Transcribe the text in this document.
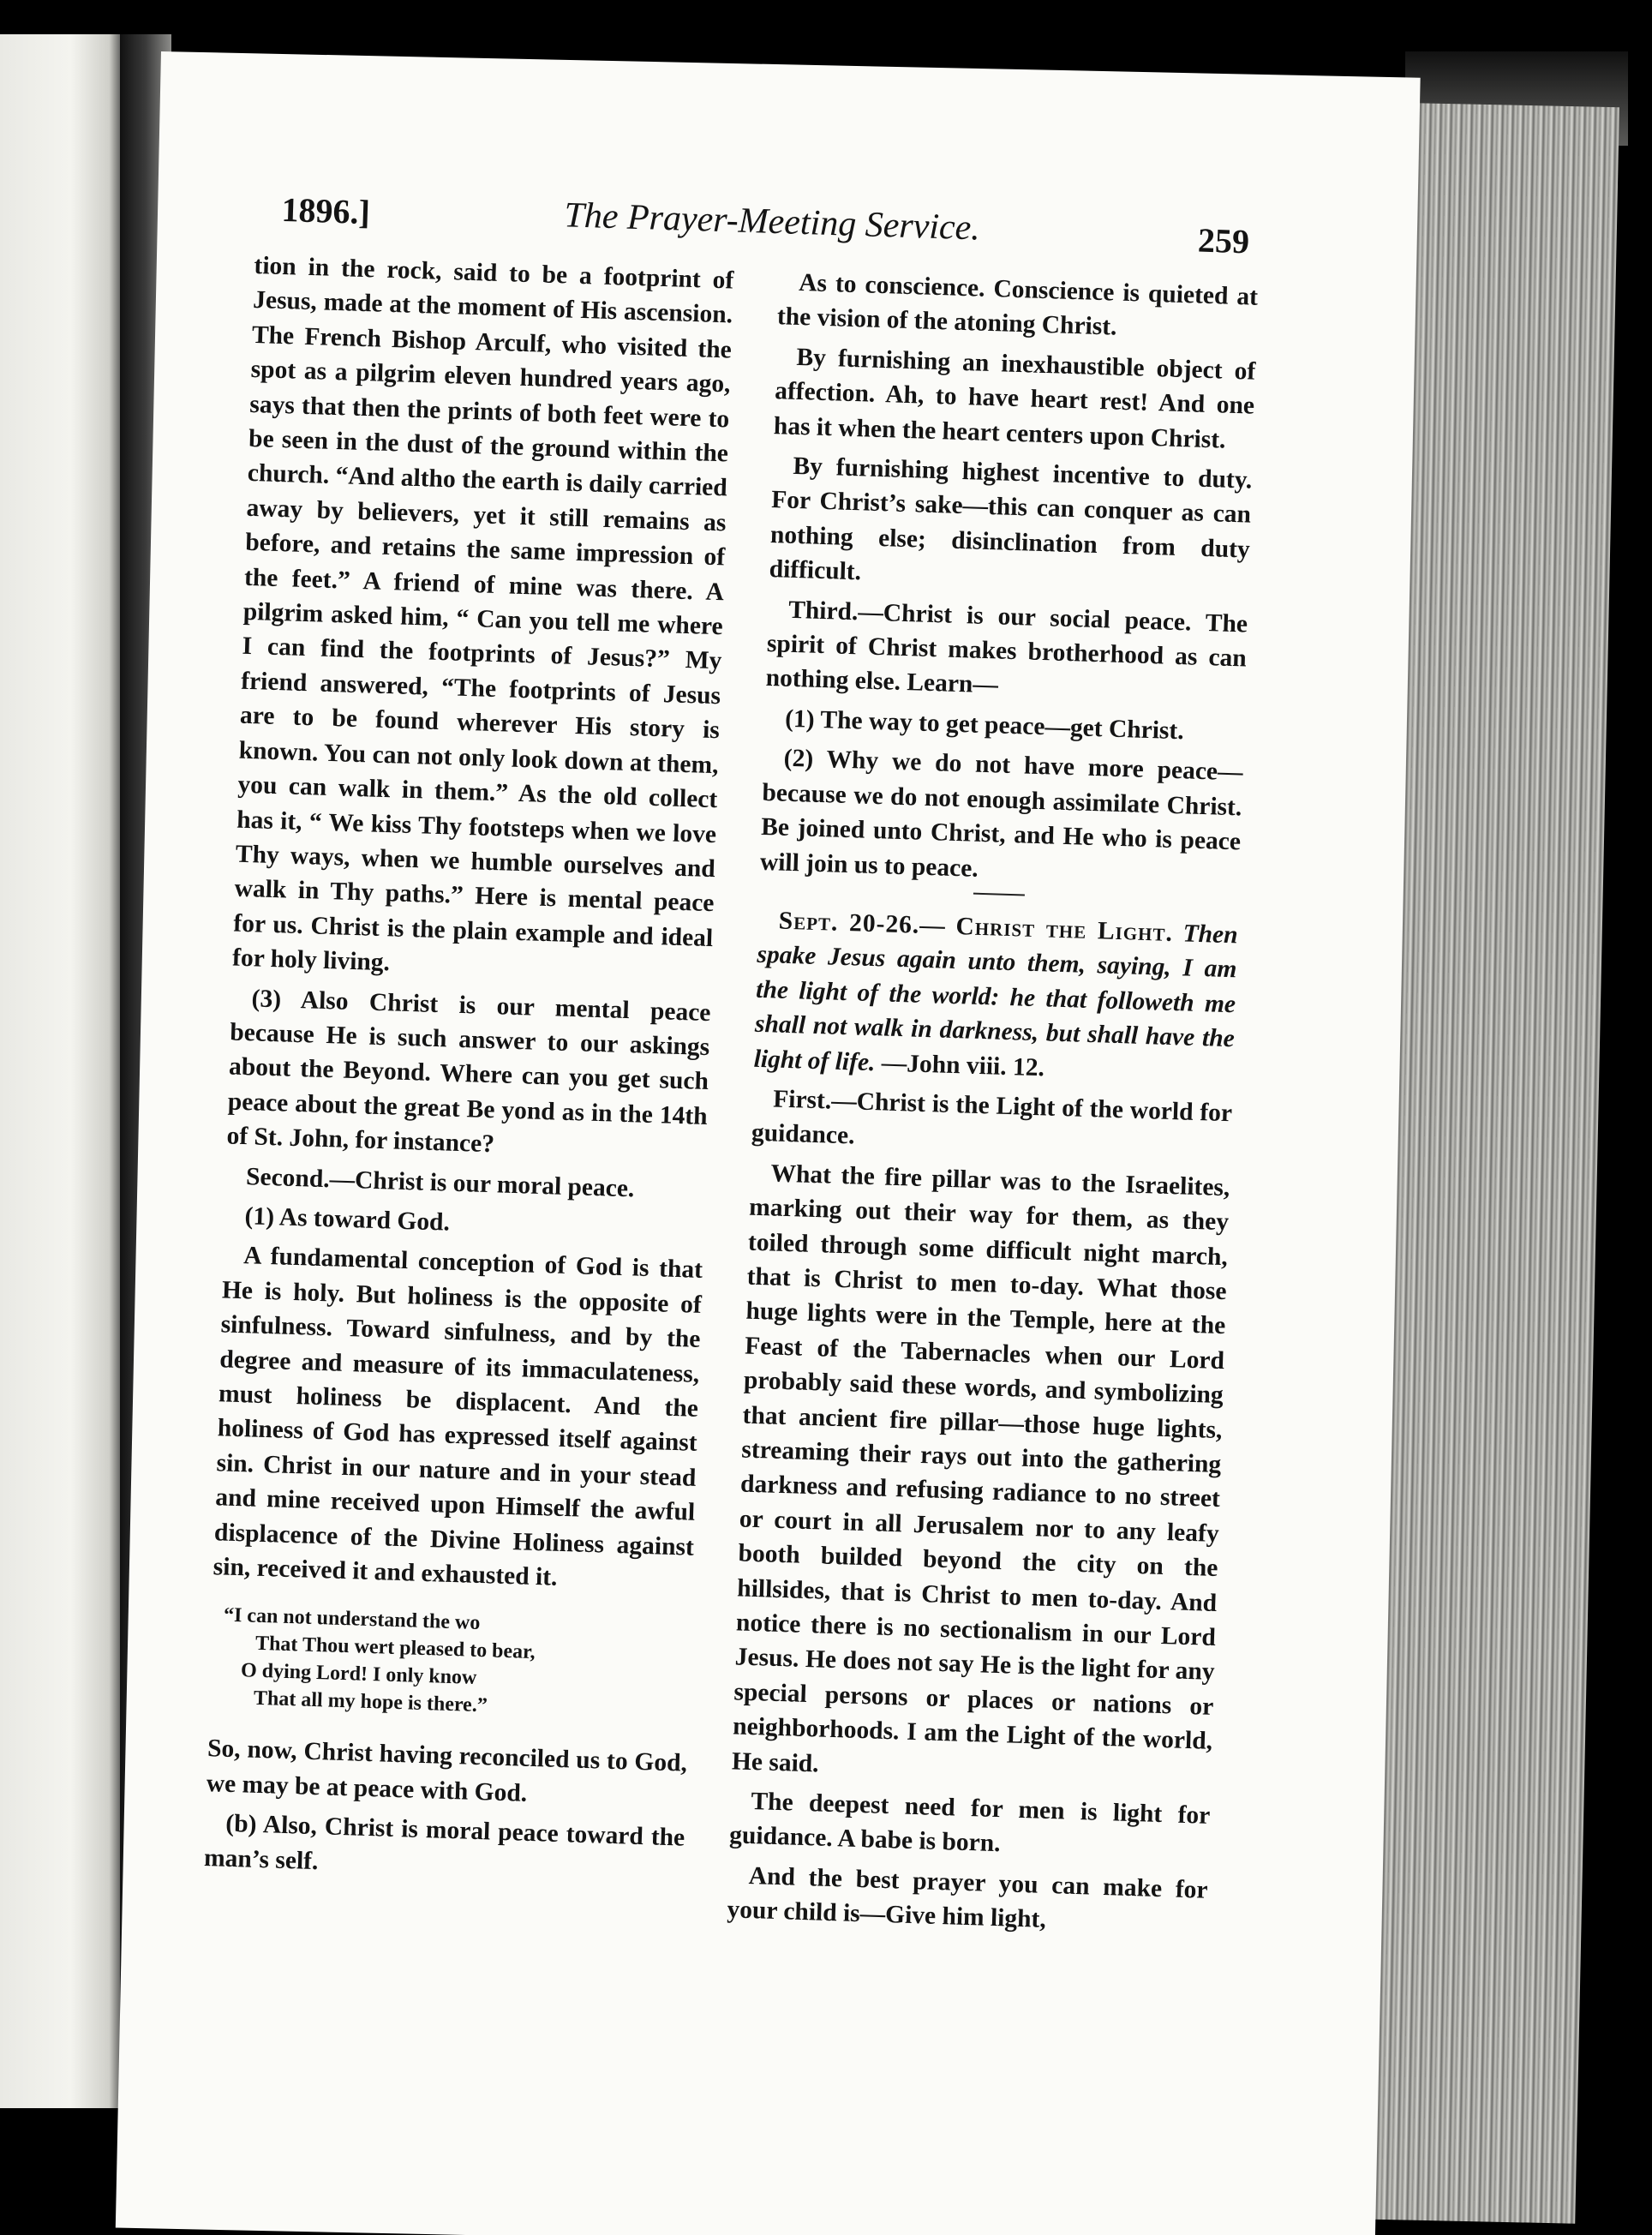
1896.]	The Prayer-Meeting Service.	259

tion in the rock, said to be a footprint of Jesus, made at the moment of His ascension. The French Bishop Arculf, who visited the spot as a pilgrim eleven hundred years ago, says that then the prints of both feet were to be seen in the dust of the ground within the church. “And altho the earth is daily carried away by believers, yet it still remains as before, and retains the same impression of the feet.” A friend of mine was there. A pilgrim asked him, “ Can you tell me where I can find the footprints of Jesus?” My friend answered, “The footprints of Jesus are to be found wherever His story is known. You can not only look down at them, you can walk in them.” As the old collect has it, “ We kiss Thy footsteps when we love Thy ways, when we humble ourselves and walk in Thy paths.” Here is mental peace for us. Christ is the plain example and ideal for holy living.

(3) Also Christ is our mental peace because He is such answer to our askings about the Beyond. Where can you get such peace about the great Be yond as in the 14th of St. John, for instance?

Second.—Christ is our moral peace.

(1) As toward God.

A fundamental conception of God is that He is holy. But holiness is the opposite of sinfulness. Toward sinfulness, and by the degree and measure of its immaculateness, must holiness be displacent. And the holiness of God has expressed itself against sin. Christ in our nature and in your stead and mine received upon Himself the awful displacence of the Divine Holiness against sin, received it and exhausted it.

“I can not understand the wo
That Thou wert pleased to bear,
O dying Lord! I only know
That all my hope is there.”

So, now, Christ having reconciled us to God, we may be at peace with God.

(b) Also, Christ is moral peace toward the man’s self.

As to conscience. Conscience is quieted at the vision of the atoning Christ.

By furnishing an inexhaustible object of affection. Ah, to have heart rest! And one has it when the heart centers upon Christ.

By furnishing highest incentive to duty. For Christ’s sake—this can conquer as can nothing else; disinclination from duty difficult.

Third.—Christ is our social peace. The spirit of Christ makes brotherhood as can nothing else. Learn—

(1) The way to get peace—get Christ.

(2) Why we do not have more peace—because we do not enough assimilate Christ. Be joined unto Christ, and He who is peace will join us to peace.

Sept. 20-26.— Christ the Light. Then spake Jesus again unto them, saying, I am the light of the world: he that followeth me shall not walk in darkness, but shall have the light of life. —John viii. 12.

First.—Christ is the Light of the world for guidance.

What the fire pillar was to the Israelites, marking out their way for them, as they toiled through some difficult night march, that is Christ to men to-day. What those huge lights were in the Temple, here at the Feast of the Tabernacles when our Lord probably said these words, and symbolizing that ancient fire pillar—those huge lights, streaming their rays out into the gathering darkness and refusing radiance to no street or court in all Jerusalem nor to any leafy booth builded beyond the city on the hillsides, that is Christ to men to-day. And notice there is no sectionalism in our Lord Jesus. He does not say He is the light for any special persons or places or nations or neighborhoods. I am the Light of the world, He said.

The deepest need for men is light for guidance. A babe is born.

And the best prayer you can make for your child is—Give him light,
